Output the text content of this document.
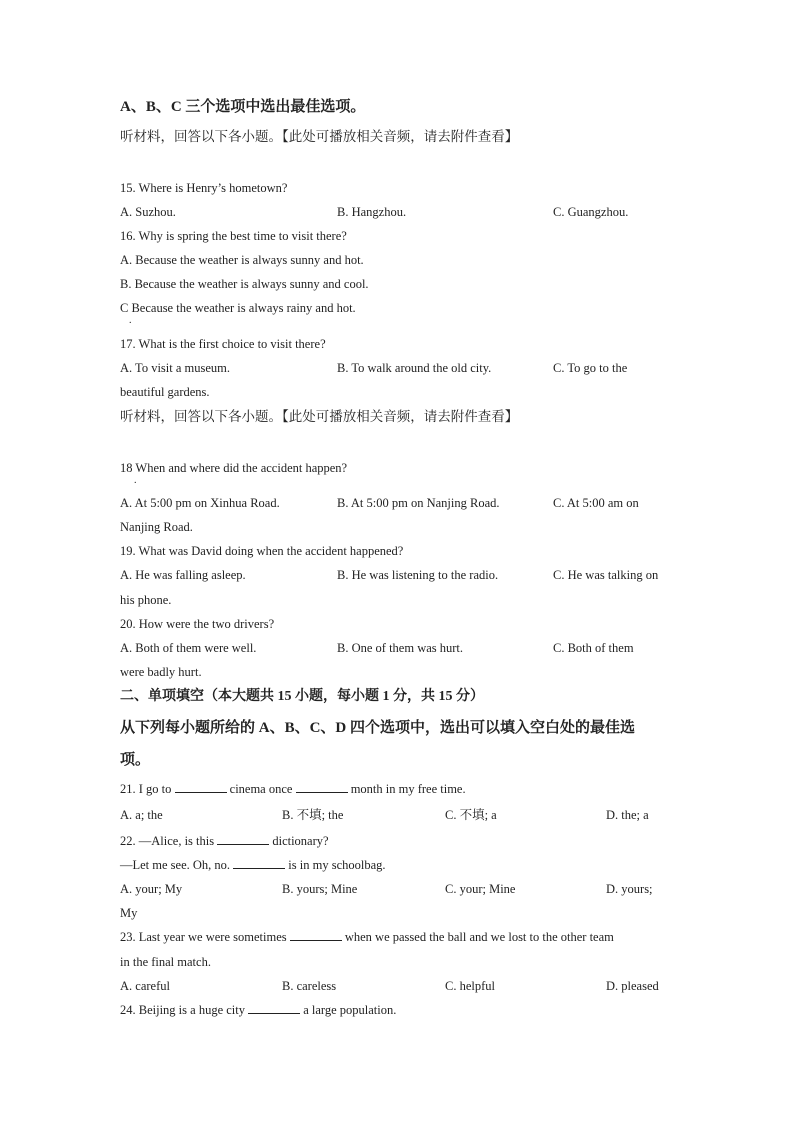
A、B、C 三个选项中选出最佳选项。
听材料，回答以下各小题。【此处可播放相关音频，请去附件查看】
15. Where is Henry’s hometown?
A. Suzhou.	B. Hangzhou.	C. Guangzhou.
16. Why is spring the best time to visit there?
A. Because the weather is always sunny and hot.
B. Because the weather is always sunny and cool.
C Because the weather is always rainy and hot.
.
17. What is the first choice to visit there?
A. To visit a museum.	B. To walk around the old city.	C. To go to the
beautiful gardens.
听材料，回答以下各小题。【此处可播放相关音频，请去附件查看】
18 When and where did the accident happen?
.
A. At 5:00 pm on Xinhua Road.	B. At 5:00 pm on Nanjing Road.	C. At 5:00 am on
Nanjing Road.
19. What was David doing when the accident happened?
A. He was falling asleep.	B. He was listening to the radio.	C. He was talking on
his phone.
20. How were the two drivers?
A. Both of them were well.	B. One of them was hurt.	C. Both of them
were badly hurt.
二、单项填空（本大题共 15 小题，每小题 1 分，共 15 分）
从下列每小题所给的 A、B、C、D 四个选项中，选出可以填入空白处的最佳选
项。
21. I go to	cinema once	month in my free time.
A. a; the	B. 不填; the	C. 不填; a	D. the; a
22. —Alice, is this	dictionary?
—Let me see. Oh, no.	is in my schoolbag.
A. your; My	B. yours; Mine	C. your; Mine	D. yours;
My
23. Last year we were sometimes	when we passed the ball and we lost to the other team
in the final match.
A. careful	B. careless	C. helpful	D. pleased
24. Beijing is a huge city	a large population.
